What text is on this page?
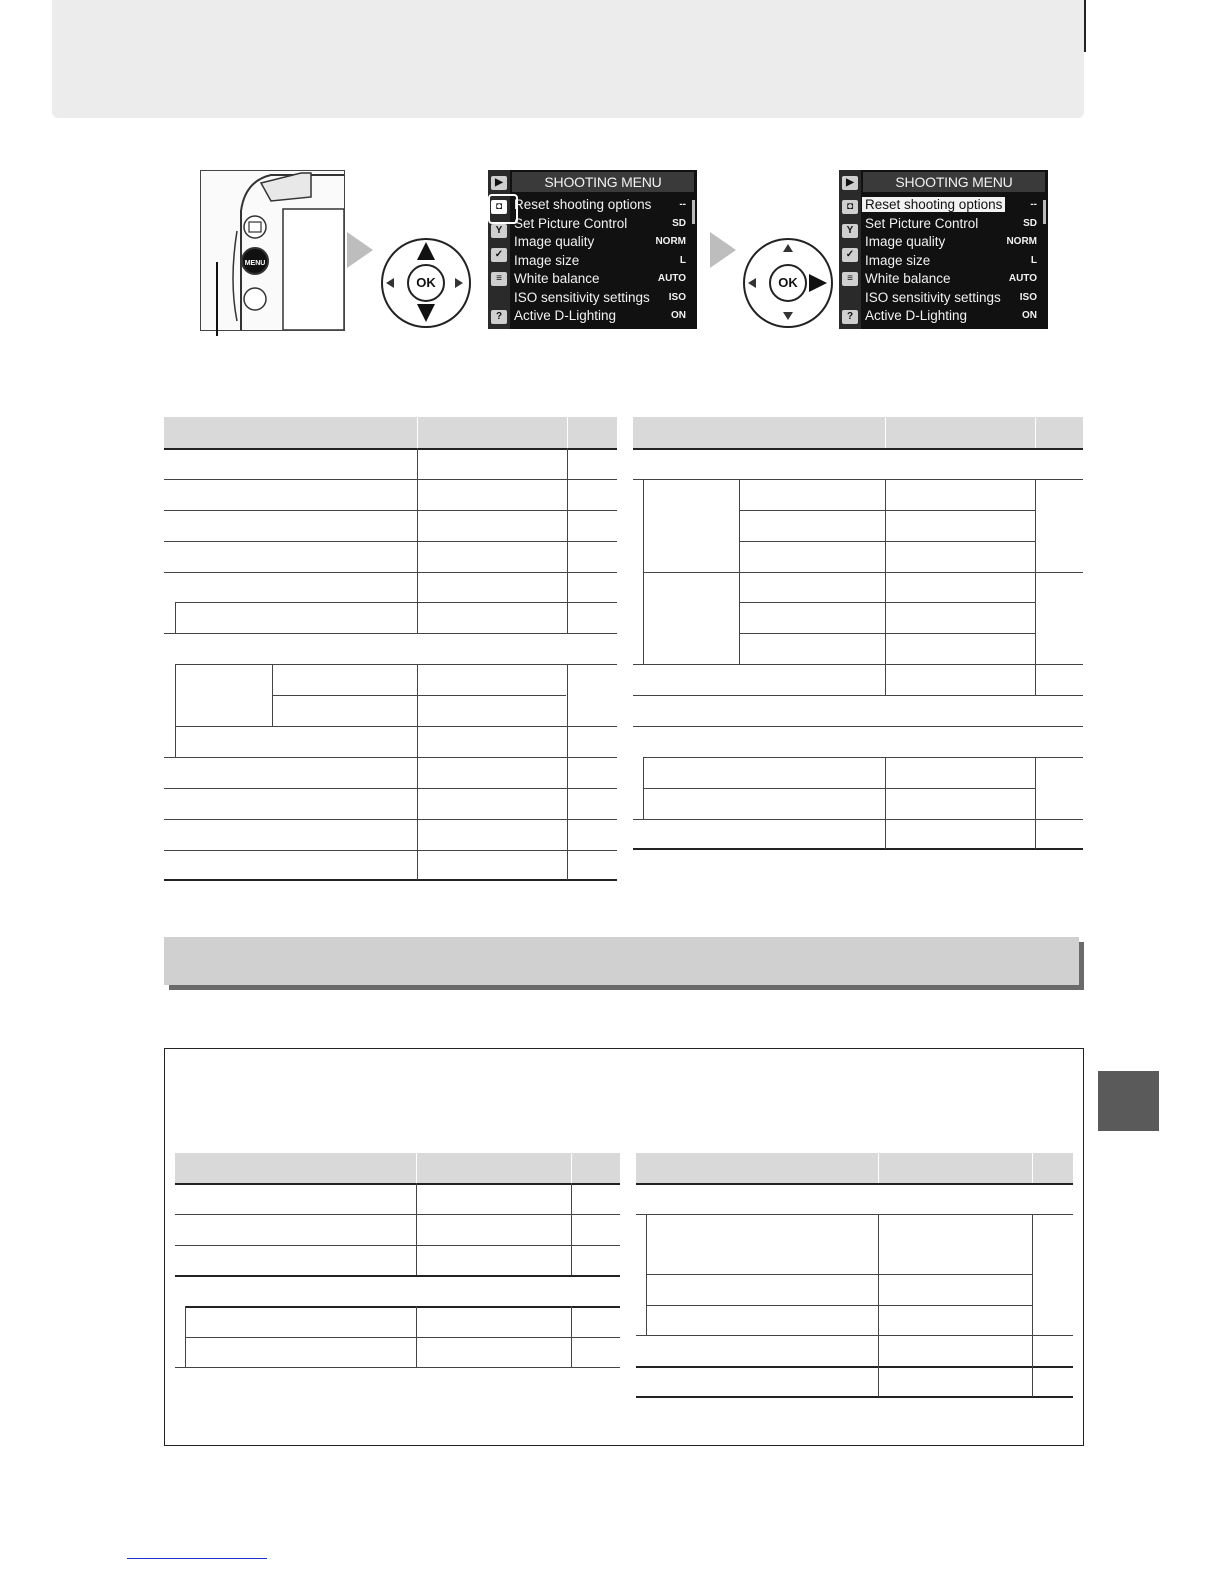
MENU
OK
▶
◘
Y
✓
≡
?
SHOOTING MENU
Reset shooting options	--
Set Picture Control	SD
Image quality	NORM
Image size	L
White balance	AUTO
ISO sensitivity settings ISO
Active D-Lighting	ON
OK
▶
◘
Y
✓
≡
?
SHOOTING MENU
Reset shooting options	--
Set Picture Control	SD
Image quality	NORM
Image size	L
White balance	AUTO
ISO sensitivity settings ISO
Active D-Lighting	ON
